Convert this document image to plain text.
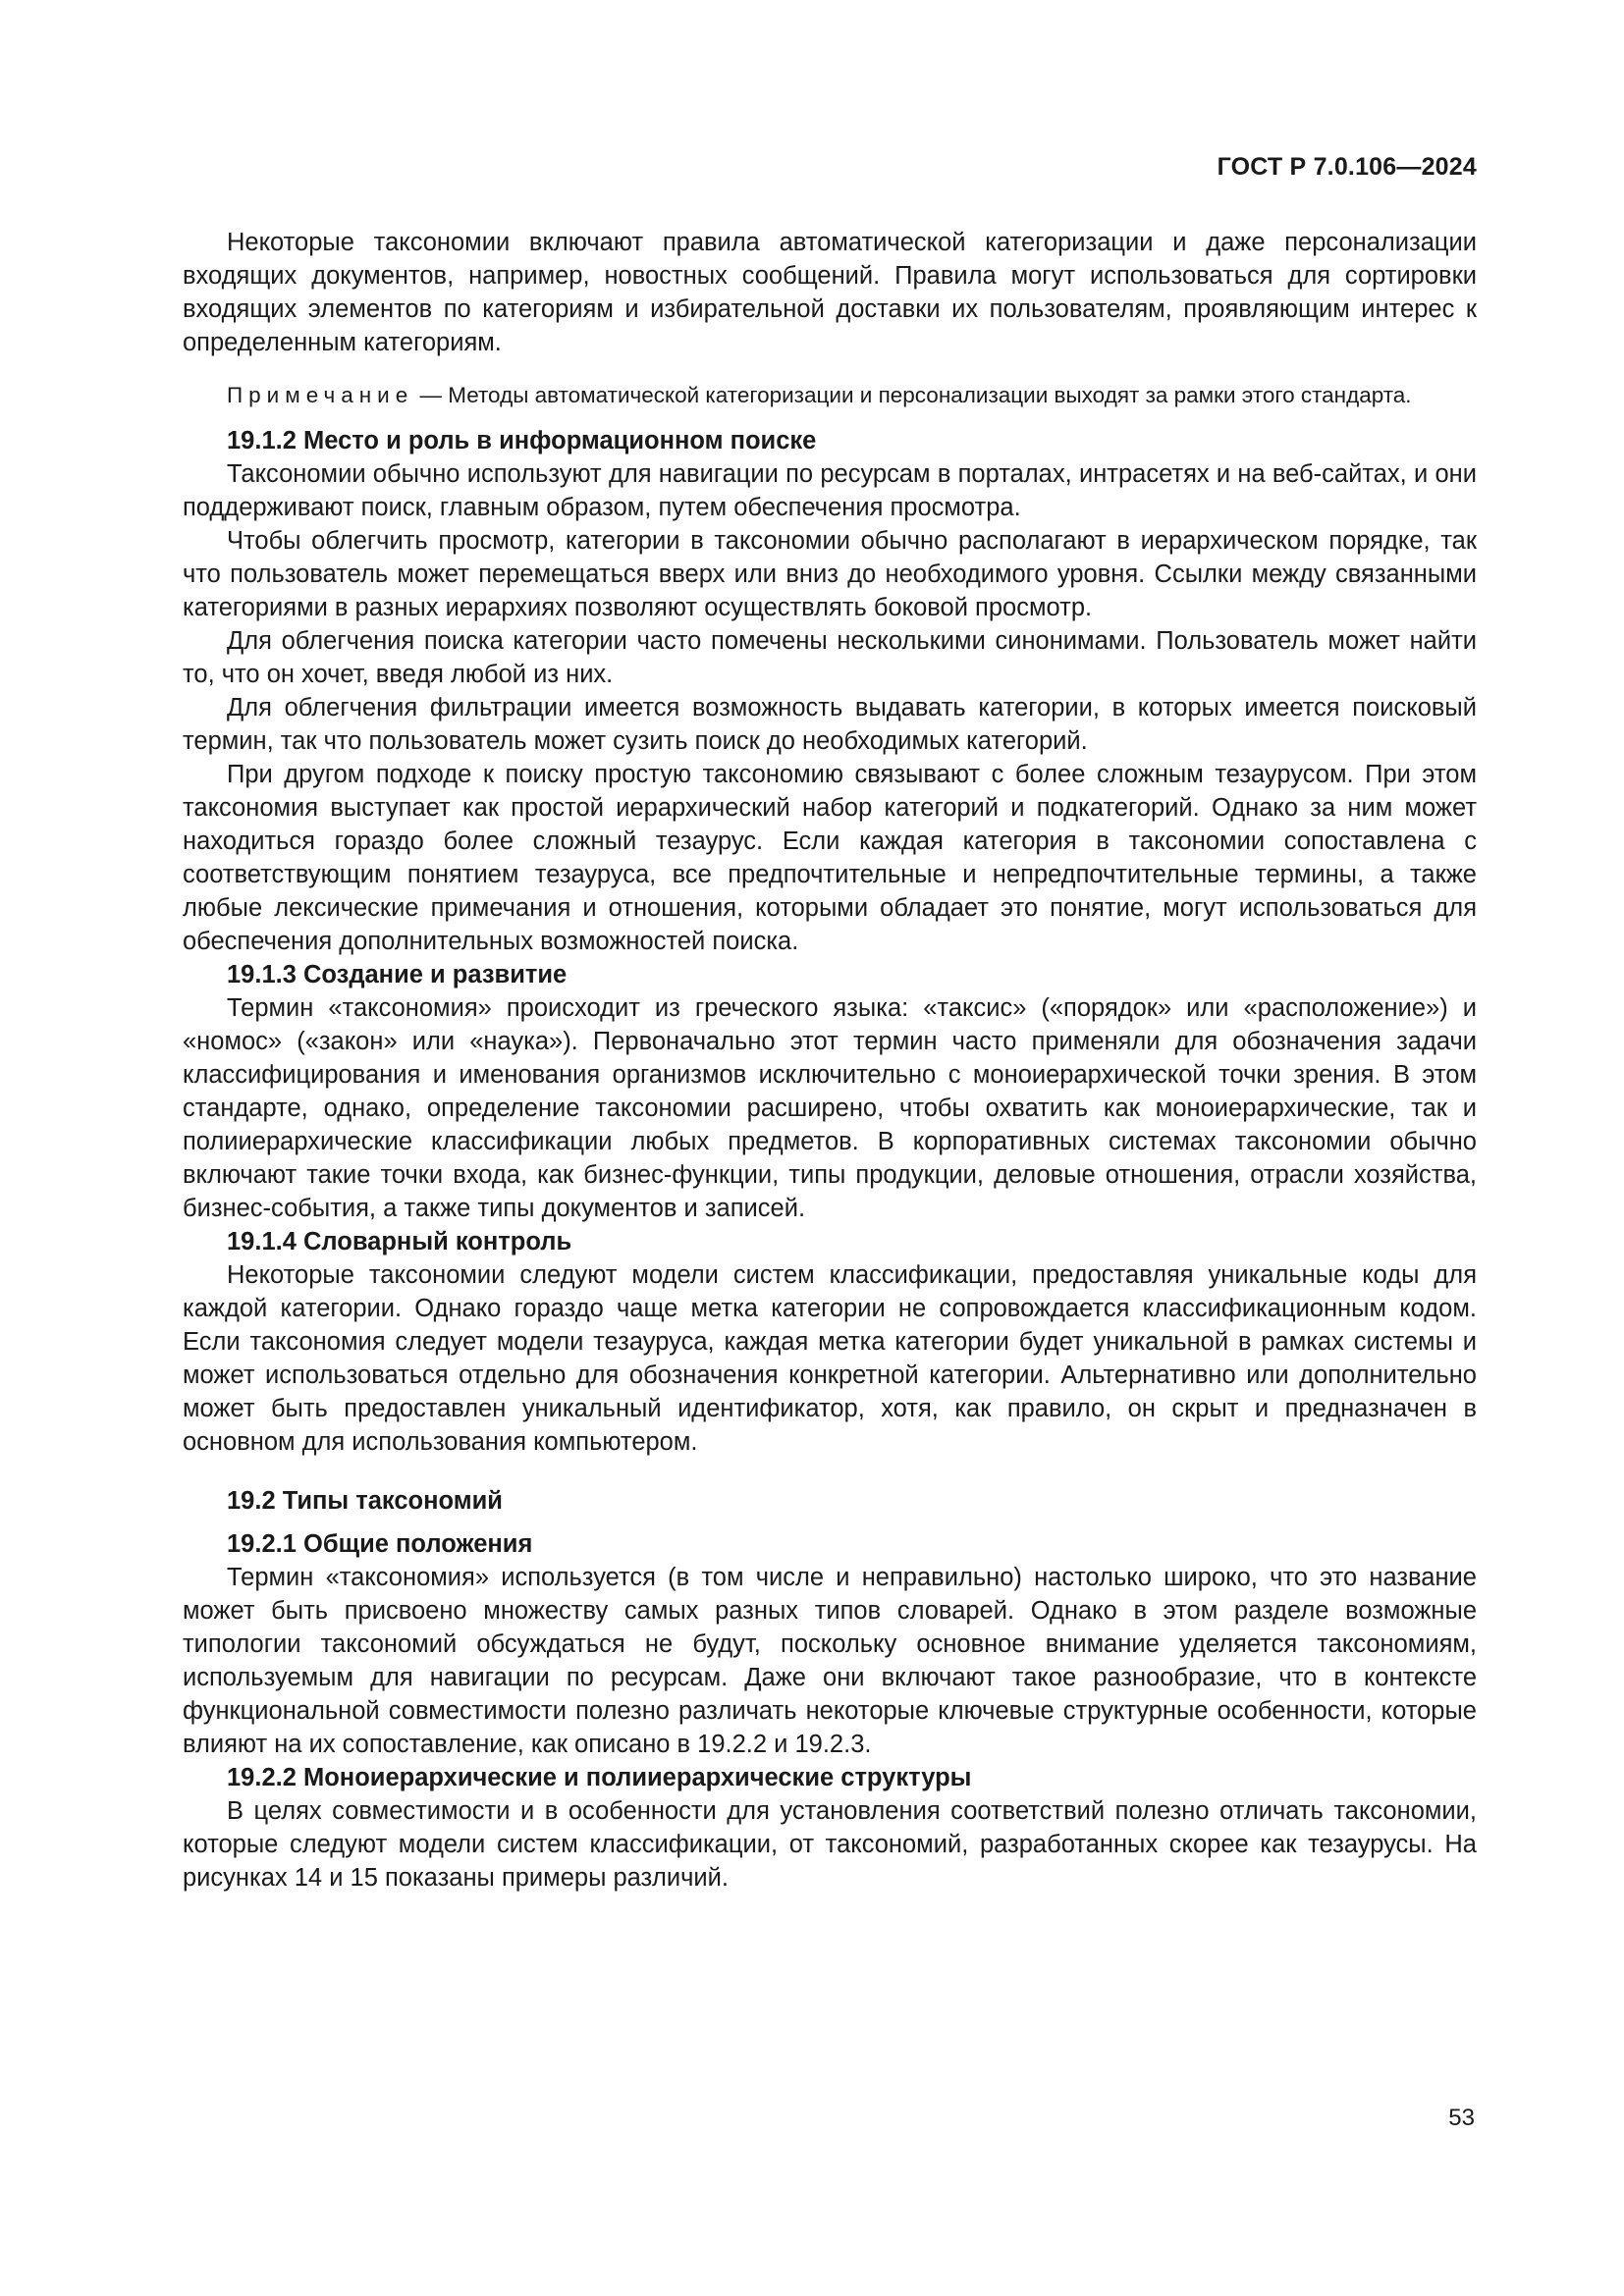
ГОСТ Р 7.0.106—2024

Некоторые таксономии включают правила автоматической категоризации и даже персонализации входящих документов, например, новостных сообщений. Правила могут использоваться для сортировки входящих элементов по категориям и избирательной доставки их пользователям, проявляющим интерес к определенным категориям.

Примечание — Методы автоматической категоризации и персонализации выходят за рамки этого стандарта.

19.1.2 Место и роль в информационном поиске

Таксономии обычно используют для навигации по ресурсам в порталах, интрасетях и на веб-сайтах, и они поддерживают поиск, главным образом, путем обеспечения просмотра.

Чтобы облегчить просмотр, категории в таксономии обычно располагают в иерархическом порядке, так что пользователь может перемещаться вверх или вниз до необходимого уровня. Ссылки между связанными категориями в разных иерархиях позволяют осуществлять боковой просмотр.

Для облегчения поиска категории часто помечены несколькими синонимами. Пользователь может найти то, что он хочет, введя любой из них.

Для облегчения фильтрации имеется возможность выдавать категории, в которых имеется поисковый термин, так что пользователь может сузить поиск до необходимых категорий.

При другом подходе к поиску простую таксономию связывают с более сложным тезаурусом. При этом таксономия выступает как простой иерархический набор категорий и подкатегорий. Однако за ним может находиться гораздо более сложный тезаурус. Если каждая категория в таксономии сопоставлена с соответствующим понятием тезауруса, все предпочтительные и непредпочтительные термины, а также любые лексические примечания и отношения, которыми обладает это понятие, могут использоваться для обеспечения дополнительных возможностей поиска.

19.1.3 Создание и развитие

Термин «таксономия» происходит из греческого языка: «таксис» («порядок» или «расположение») и «номос» («закон» или «наука»). Первоначально этот термин часто применяли для обозначения задачи классифицирования и именования организмов исключительно с моноиерархической точки зрения. В этом стандарте, однако, определение таксономии расширено, чтобы охватить как моноиерархические, так и полииерархические классификации любых предметов. В корпоративных системах таксономии обычно включают такие точки входа, как бизнес-функции, типы продукции, деловые отношения, отрасли хозяйства, бизнес-события, а также типы документов и записей.

19.1.4 Словарный контроль

Некоторые таксономии следуют модели систем классификации, предоставляя уникальные коды для каждой категории. Однако гораздо чаще метка категории не сопровождается классификационным кодом. Если таксономия следует модели тезауруса, каждая метка категории будет уникальной в рамках системы и может использоваться отдельно для обозначения конкретной категории. Альтернативно или дополнительно может быть предоставлен уникальный идентификатор, хотя, как правило, он скрыт и предназначен в основном для использования компьютером.

19.2 Типы таксономий
19.2.1 Общие положения

Термин «таксономия» используется (в том числе и неправильно) настолько широко, что это название может быть присвоено множеству самых разных типов словарей. Однако в этом разделе возможные типологии таксономий обсуждаться не будут, поскольку основное внимание уделяется таксономиям, используемым для навигации по ресурсам. Даже они включают такое разнообразие, что в контексте функциональной совместимости полезно различать некоторые ключевые структурные особенности, которые влияют на их сопоставление, как описано в 19.2.2 и 19.2.3.

19.2.2 Моноиерархические и полииерархические структуры

В целях совместимости и в особенности для установления соответствий полезно отличать таксономии, которые следуют модели систем классификации, от таксономий, разработанных скорее как тезаурусы. На рисунках 14 и 15 показаны примеры различий.

53
